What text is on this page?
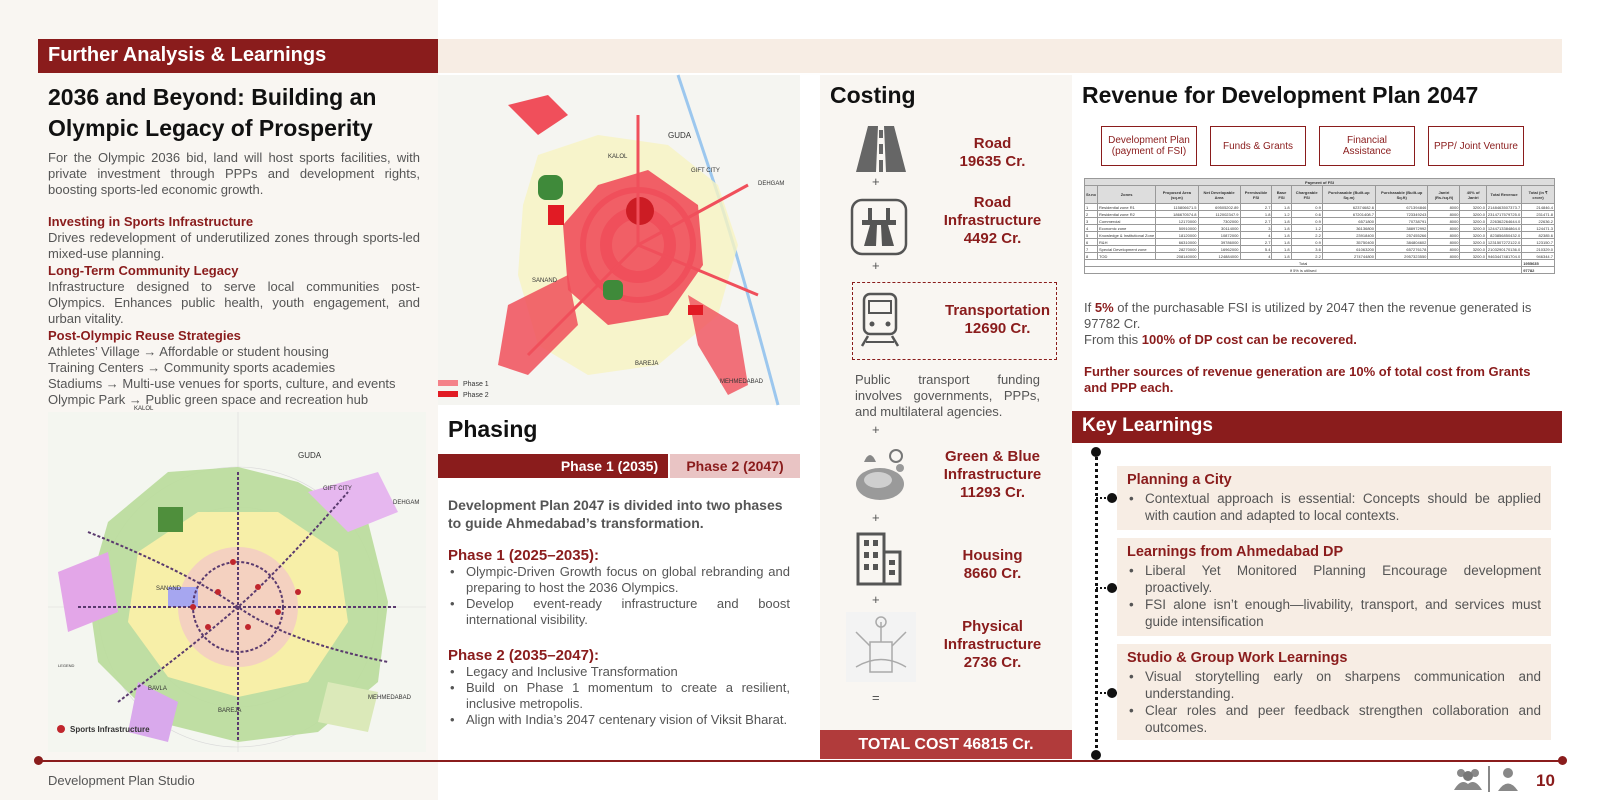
Further Analysis & Learnings
2036 and Beyond: Building an Olympic Legacy of Prosperity
For the Olympic 2036 bid, land will host sports facilities, with private investment through PPPs and development rights, boosting sports-led economic growth.
Investing in Sports Infrastructure
Drives redevelopment of underutilized zones through sports-led mixed-use planning.
Long-Term Community Legacy
Infrastructure designed to serve local communities post-Olympics. Enhances public health, youth engagement, and urban vitality.
Post-Olympic Reuse Strategies
Athletes’ Village → Affordable or student housing
Training Centers → Community sports academies
Stadiums → Multi-use venues for sports, culture, and events
Olympic Park → Public green space and recreation hub
KALOL
GUDA
GIFT CITY
DEHGAM
SANAND
BAREJA
BAVLA
MEHMEDABAD
LEGEND
Sports Infrastructure
KALOL
GUDA
GIFT CITY
DEHGAM
SANAND
BAREJA
MEHMEDABAD
Phase 1
Phase 2
Phasing
Phase 1 (2035)	Phase 2 (2047)
Development Plan 2047 is divided into two phases to guide Ahmedabad’s transformation.
Phase 1 (2025–2035):
• Olympic-Driven Growth focus on global rebranding and preparing to host the 2036 Olympics.
• Develop event-ready infrastructure and boost international visibility.
Phase 2 (2035–2047):
• Legacy and Inclusive Transformation
• Build on Phase 1 momentum to create a resilient, inclusive metropolis.
• Align with India’s 2047 centenary vision of Viksit Bharat.
Costing
Road
19635 Cr.
+
Road Infrastructure
4492 Cr.
+
Transportation
12690 Cr.
Public transport funding involves governments, PPPs, and multilateral agencies.
+
Green & Blue Infrastructure
11293 Cr.
+
Housing
8660 Cr.
+
Physical Infrastructure
2736 Cr.
=
TOTAL COST 46815 Cr.
Revenue for Development Plan 2047
Development Plan (payment of FSI)	Funds & Grants	Financial Assistance	PPP/ Joint Venture
Payment of FSI												
Sr.no	Zones	Proposed Area (sq.m)	Net Developable Area	Permissible FSI	Base FSI	Chargeable FSI	Purchasable (Built-up Sq.m)	Purchasable (Built-up Sq.ft)	Jantri (Rs./sq.ft)	40% of Jantri	Total Revenue	Total (in ₹ crore)
1	Residential zone R1	115806671.5	69505202.89	2.7	1.8	0.9	62374682.6	671394846	8000	3200.0	2148463507373.7	214846.4
2	Residential zone R2	186670574.8	112002347.9	1.8	1.2	0.6	67201408.7	723349243	8000	3200.0	2314717579725.0	231471.8
3	Commercial	12170000	7302000	2.7	1.8	0.9	6571800	70738791	8000	3200.0	226362264644.0	22636.2
4	Economic zone	50910000	30114000	3	1.8	1.2	36136800	388972992	8000	3200.0	1244713384864.0	124471.3
5	Knowledge & Institutional Zone	18120000	10872000	4	1.8	2.2	23918400	257455266	8000	3200.0	823856850432.0	82385.6
6	R&H	66310000	39786000	2.7	1.8	0.9	35750400	384804602	8000	3200.0	1231507272122.0	123150.7
7	Special Development zone	28270000	16962000	5.4	1.8	3.6	61063200	657276178	8000	3200.0	2103290170136.0	210329.0
8	TOD	208140000	124884000	4	1.8	2.2	274744800	2957323550	8000	3200.0	9463447481704.0	946344.7
Total												1955635
If 5% is utilised												97782
If 5% of the purchasable FSI is utilized by 2047 then the revenue generated is 97782 Cr.
From this 100% of DP cost can be recovered.
Further sources of revenue generation are 10% of total cost from Grants and PPP each.
Key Learnings
Planning a City
• Contextual approach is essential: Concepts should be applied with caution and adapted to local contexts.
Learnings from Ahmedabad DP
• Liberal Yet Monitored Planning Encourage development proactively.
• FSI alone isn’t enough—livability, transport, and services must guide intensification
Studio & Group Work Learnings
• Visual storytelling early on sharpens communication and understanding.
• Clear roles and peer feedback strengthen collaboration and outcomes.
Development Plan Studio	10
